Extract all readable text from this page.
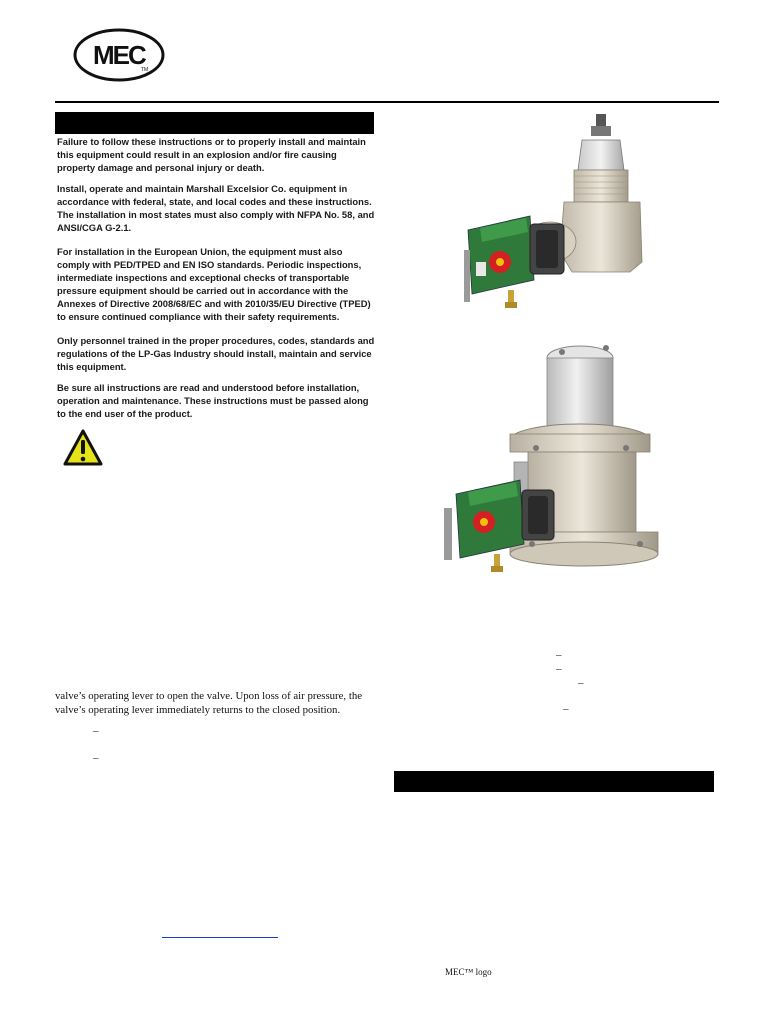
MEC
TM
Failure to follow these instructions or to properly install and maintain this equipment could result in an explosion and/or fire causing property damage and personal injury or death.
Install, operate and maintain Marshall Excelsior Co. equipment in accordance with federal, state, and local codes and these instructions. The installation in most states must also comply with NFPA No. 58, and ANSI/CGA G-2.1.
For installation in the European Union, the equipment must also comply with PED/TPED and EN ISO standards. Periodic inspections, intermediate inspections and exceptional checks of transportable pressure equipment should be carried out in accordance with the Annexes of Directive 2008/68/EC and with 2010/35/EU Directive (TPED) to ensure continued compliance with their safety requirements.
Only personnel trained in the proper procedures, codes, standards and regulations of the LP-Gas Industry should install, maintain and service this equipment.
Be sure all instructions are read and understood before installation, operation and maintenance. These instructions must be passed along to the end user of the product.
valve’s operating lever to open the valve. Upon loss of air pressure, the valve’s operating lever immediately returns to the closed position.
–
–
–
–
–
–
MEC™ logo
